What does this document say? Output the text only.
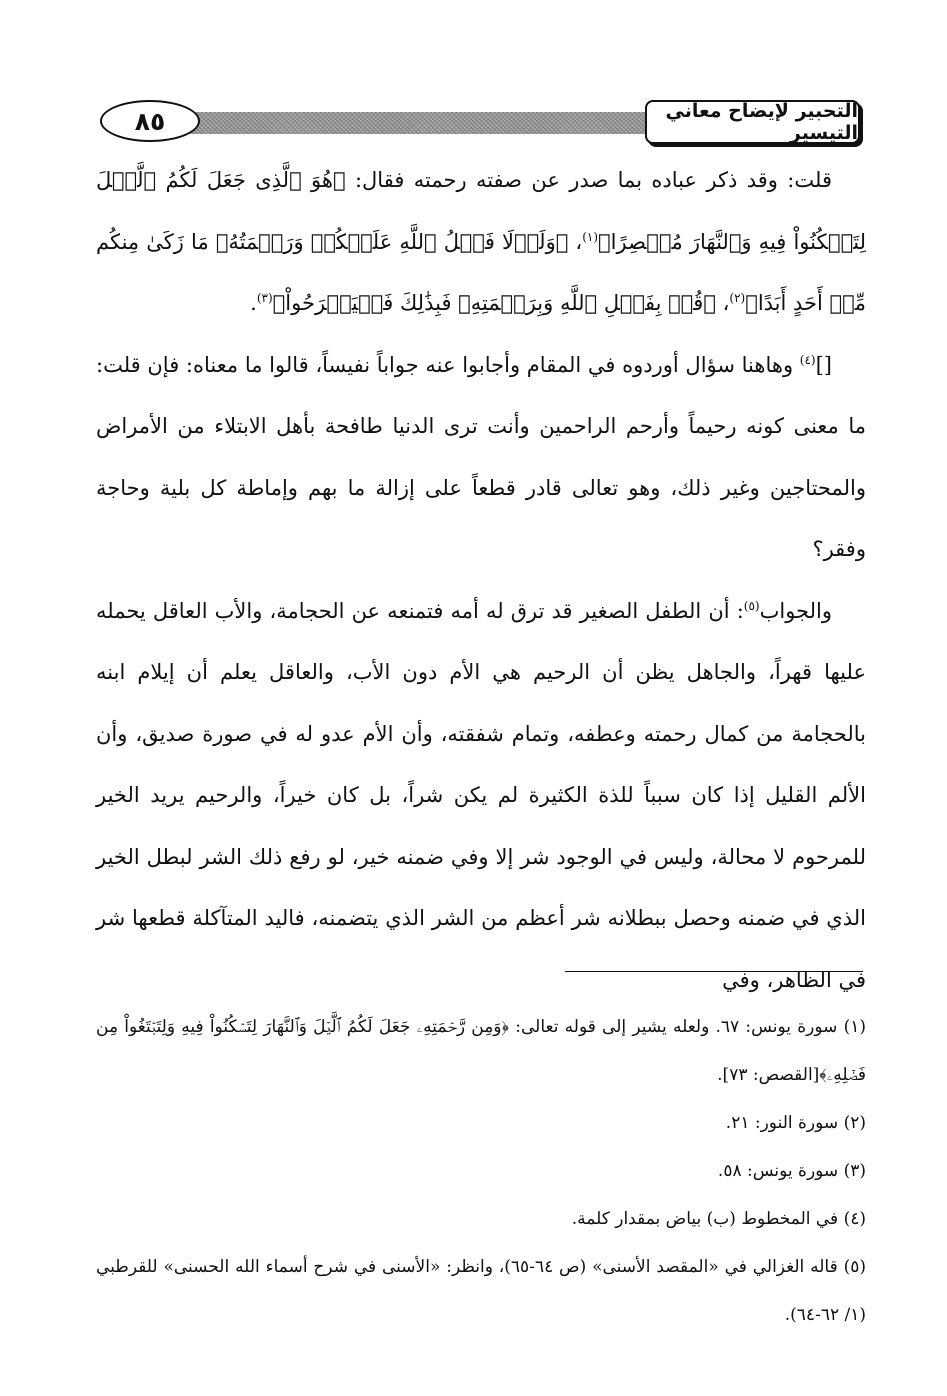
٨٥	التحبير لإيضاح معاني التيسير

قلت: وقد ذكر عباده بما صدر عن صفته رحمته فقال: ﴿هُوَ ٱلَّذِى جَعَلَ لَكُمُ ٱلَّيۡلَ لِتَسۡكُنُواْ فِيهِ وَٱلنَّهَارَ مُبۡصِرًا﴾$^{(١)}$، ﴿وَلَوۡلَا فَضۡلُ ٱللَّهِ عَلَيۡكُمۡ وَرَحۡمَتُهُۥ مَا زَكَىٰ مِنكُم مِّنۡ أَحَدٍ أَبَدًا﴾$^{(٢)}$، ﴿قُلۡ بِفَضۡلِ ٱللَّهِ وَبِرَحۡمَتِهِۦ فَبِذَٰلِكَ فَلۡيَفۡرَحُواْ﴾$^{(٣)}$.

[]$^{(٤)}$ وهاهنا سؤال أوردوه في المقام وأجابوا عنه جواباً نفيساً، قالوا ما معناه: فإن قلت: ما معنى كونه رحيماً وأرحم الراحمين وأنت ترى الدنيا طافحة بأهل الابتلاء من الأمراض والمحتاجين وغير ذلك، وهو تعالى قادر قطعاً على إزالة ما بهم وإماطة كل بلية وحاجة وفقر؟

والجواب$^{(٥)}$: أن الطفل الصغير قد ترق له أمه فتمنعه عن الحجامة، والأب العاقل يحمله عليها قهراً، والجاهل يظن أن الرحيم هي الأم دون الأب، والعاقل يعلم أن إيلام ابنه بالحجامة من كمال رحمته وعطفه، وتمام شفقته، وأن الأم عدو له في صورة صديق، وأن الألم القليل إذا كان سبباً للذة الكثيرة لم يكن شراً، بل كان خيراً، والرحيم يريد الخير للمرحوم لا محالة، وليس في الوجود شر إلا وفي ضمنه خير، لو رفع ذلك الشر لبطل الخير الذي في ضمنه وحصل ببطلانه شر أعظم من الشر الذي يتضمنه، فاليد المتآكلة قطعها شر في الظاهر، وفي

(١) سورة يونس: ٦٧. ولعله يشير إلى قوله تعالى: ﴿وَمِن رَّحۡمَتِهِۦ جَعَلَ لَكُمُ ٱلَّيۡلَ وَٱلنَّهَارَ لِتَسۡكُنُواْ فِيهِ وَلِتَبۡتَغُواْ مِن فَضۡلِهِۦ﴾[القصص: ٧٣].

(٢) سورة النور: ٢١.

(٣) سورة يونس: ٥٨.

(٤) في المخطوط (ب) بياض بمقدار كلمة.

(٥) قاله الغزالي في «المقصد الأسنى» (ص ٦٤-٦٥)، وانظر: «الأسنى في شرح أسماء الله الحسنى» للقرطبي (١/ ٦٢-٦٤).
